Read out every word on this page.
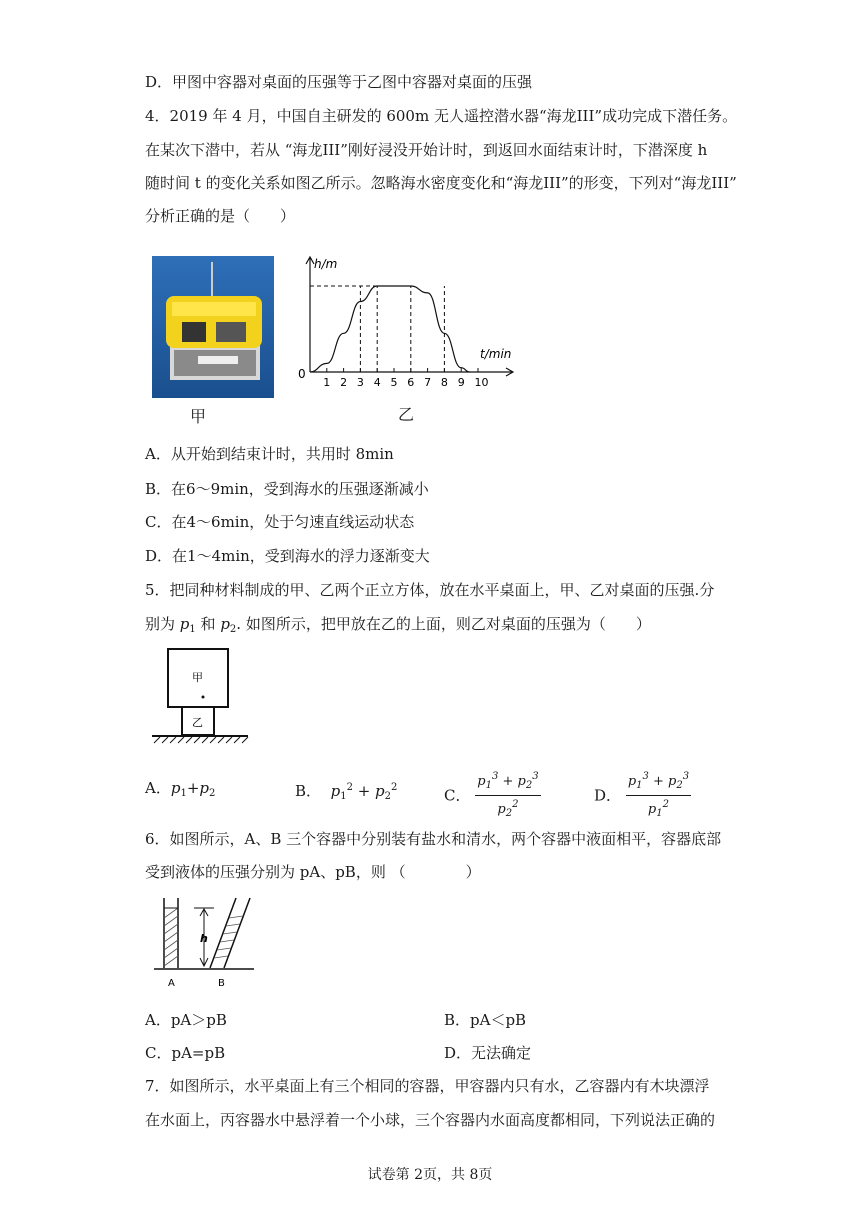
D．甲图中容器对桌面的压强等于乙图中容器对桌面的压强
4．2019 年 4 月，中国自主研发的 600m 无人遥控潜水器“海龙III”成功完成下潜任务。
在某次下潜中，若从 “海龙III”刚好浸没开始计时，到返回水面结束计时，下潜深度 h
随时间 t 的变化关系如图乙所示。忽略海水密度变化和“海龙III”的形变，下列对“海龙III”
分析正确的是（　　）
甲
h/m
t/min
0
1 2 3 4 5 6 7 8 9 10
乙
A．从开始到结束计时，共用时 8min
B．在6～9min，受到海水的压强逐渐减小
C．在4～6min，处于匀速直线运动状态
D．在1～4min，受到海水的浮力逐渐变大
5．把同种材料制成的甲、乙两个正立方体，放在水平桌面上，甲、乙对桌面的压强.分
别为 $p_1$ 和 $p_2$. 如图所示，把甲放在乙的上面，则乙对桌面的压强为（　　）
甲
乙
A．$p_1+p_2$	B． $p_1^2 + p_2^2$	C． $\frac{p_1^3 + p_2^3}{p_2^2}$	D． $\frac{p_1^3 + p_2^3}{p_1^2}$
6．如图所示，A、B 三个容器中分别装有盐水和清水，两个容器中液面相平，容器底部
受到液体的压强分别为 pA、pB，则 （　　　　）
h
A	B
A．pA＞pB	B．pA＜pB
C．pA=pB	D．无法确定
7．如图所示，水平桌面上有三个相同的容器，甲容器内只有水，乙容器内有木块漂浮
在水面上，丙容器水中悬浮着一个小球，三个容器内水面高度都相同，下列说法正确的
试卷第 2页，共 8页
